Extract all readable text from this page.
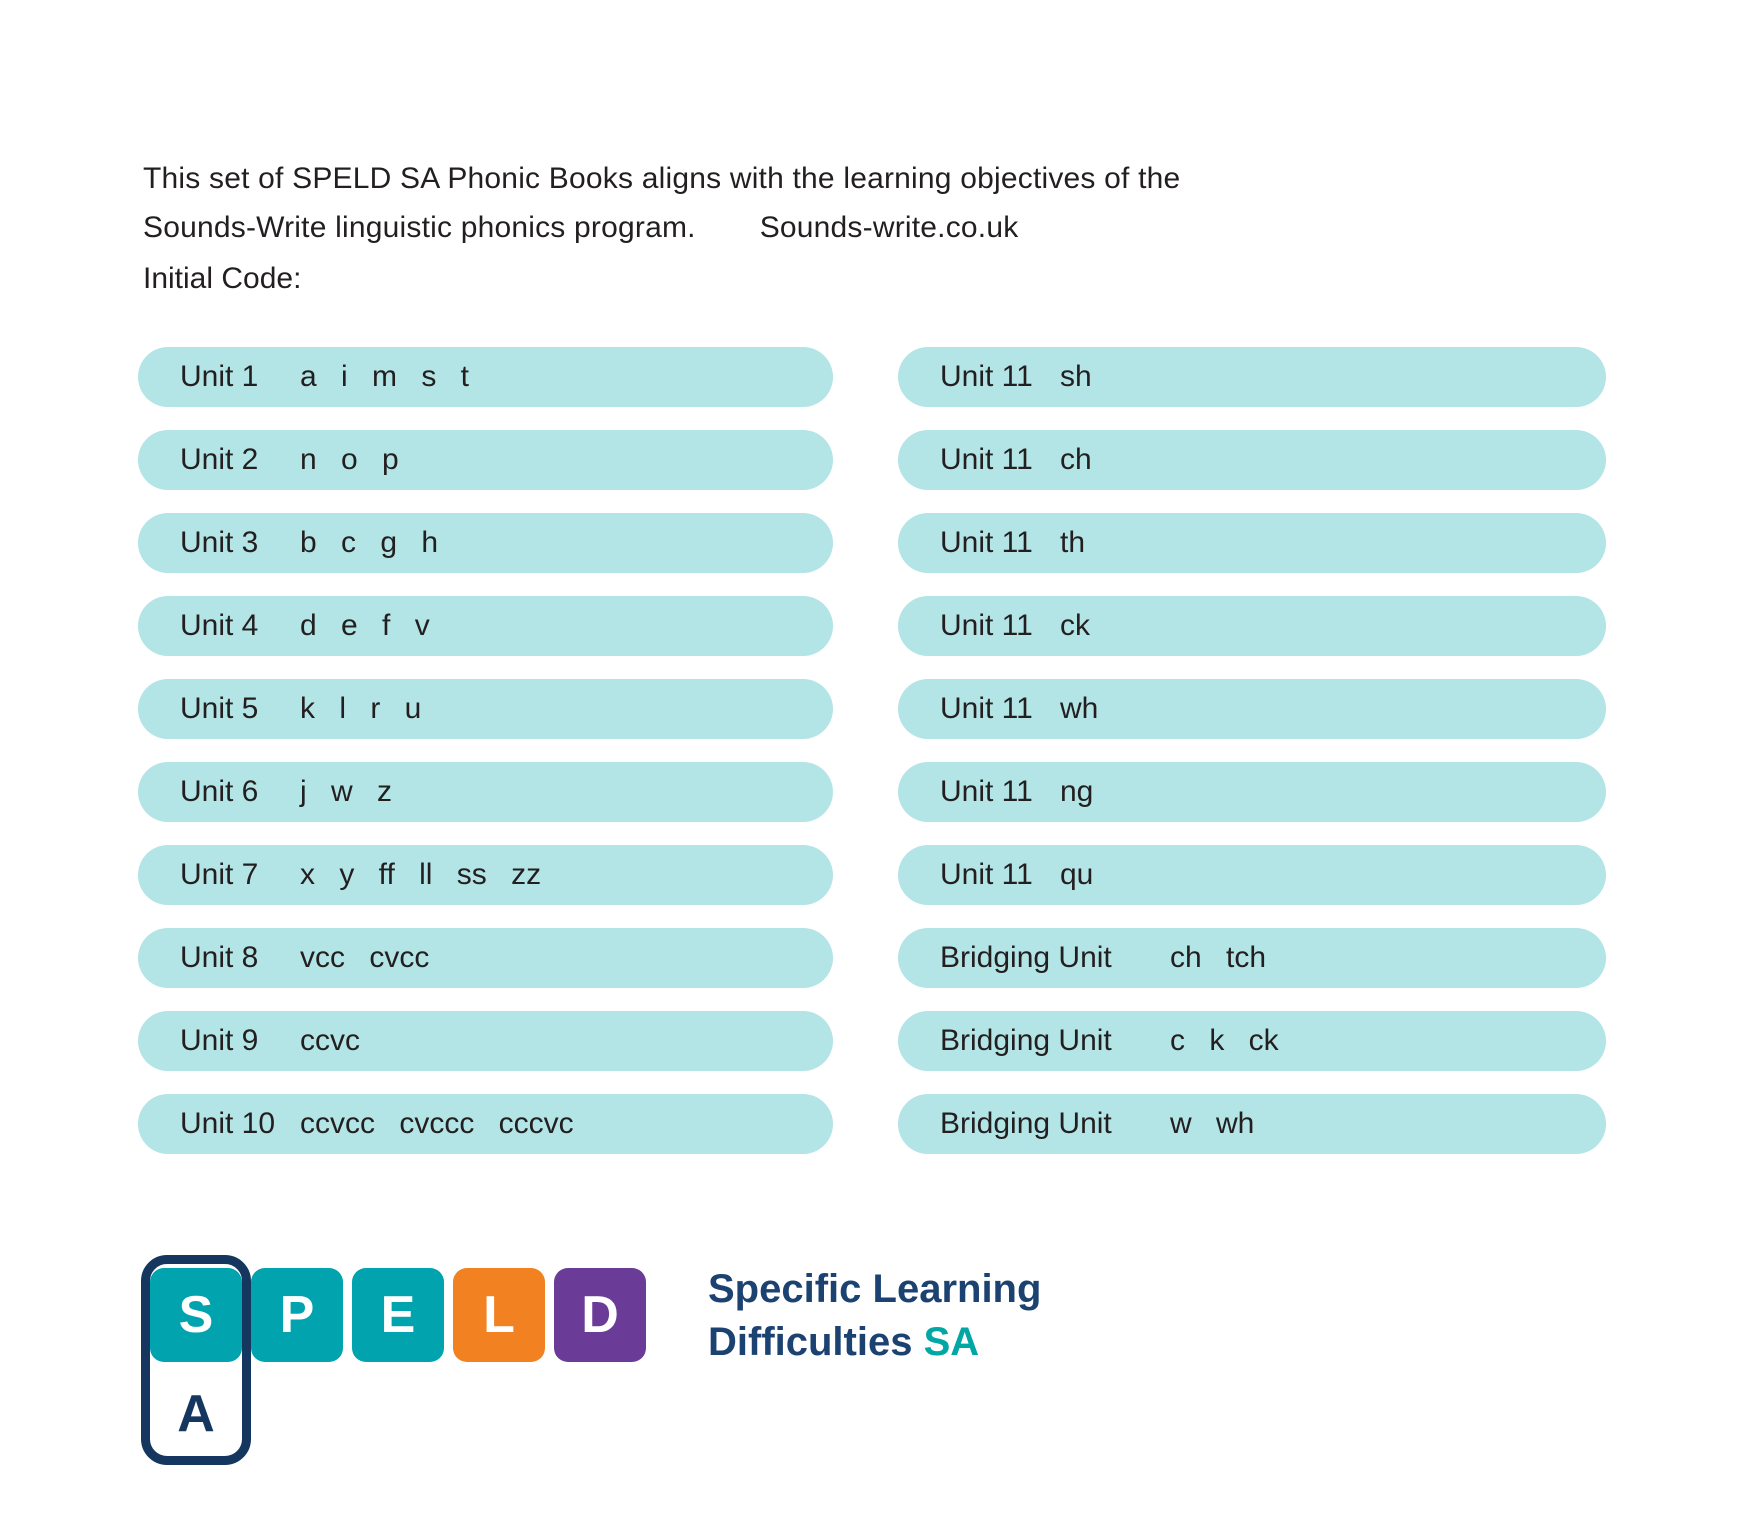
This set of SPELD SA Phonic Books aligns with the learning objectives of the
Sounds-Write linguistic phonics program. Sounds-write.co.uk

Initial Code:
Unit 1 a i m s t
Unit 2 n o p
Unit 3 b c g h
Unit 4 d e f v
Unit 5 k l r u
Unit 6 j w z
Unit 7 x y ff ll ss zz
Unit 8 vcc cvcc
Unit 9 ccvc
Unit 10 ccvcc cvccc cccvc
Unit 11 sh
Unit 11 ch
Unit 11 th
Unit 11 ck
Unit 11 wh
Unit 11 ng
Unit 11 qu
Bridging Unit ch tch
Bridging Unit c k ck
Bridging Unit w wh
S	P	E	L	D
A
Specific Learning
Difficulties SA
